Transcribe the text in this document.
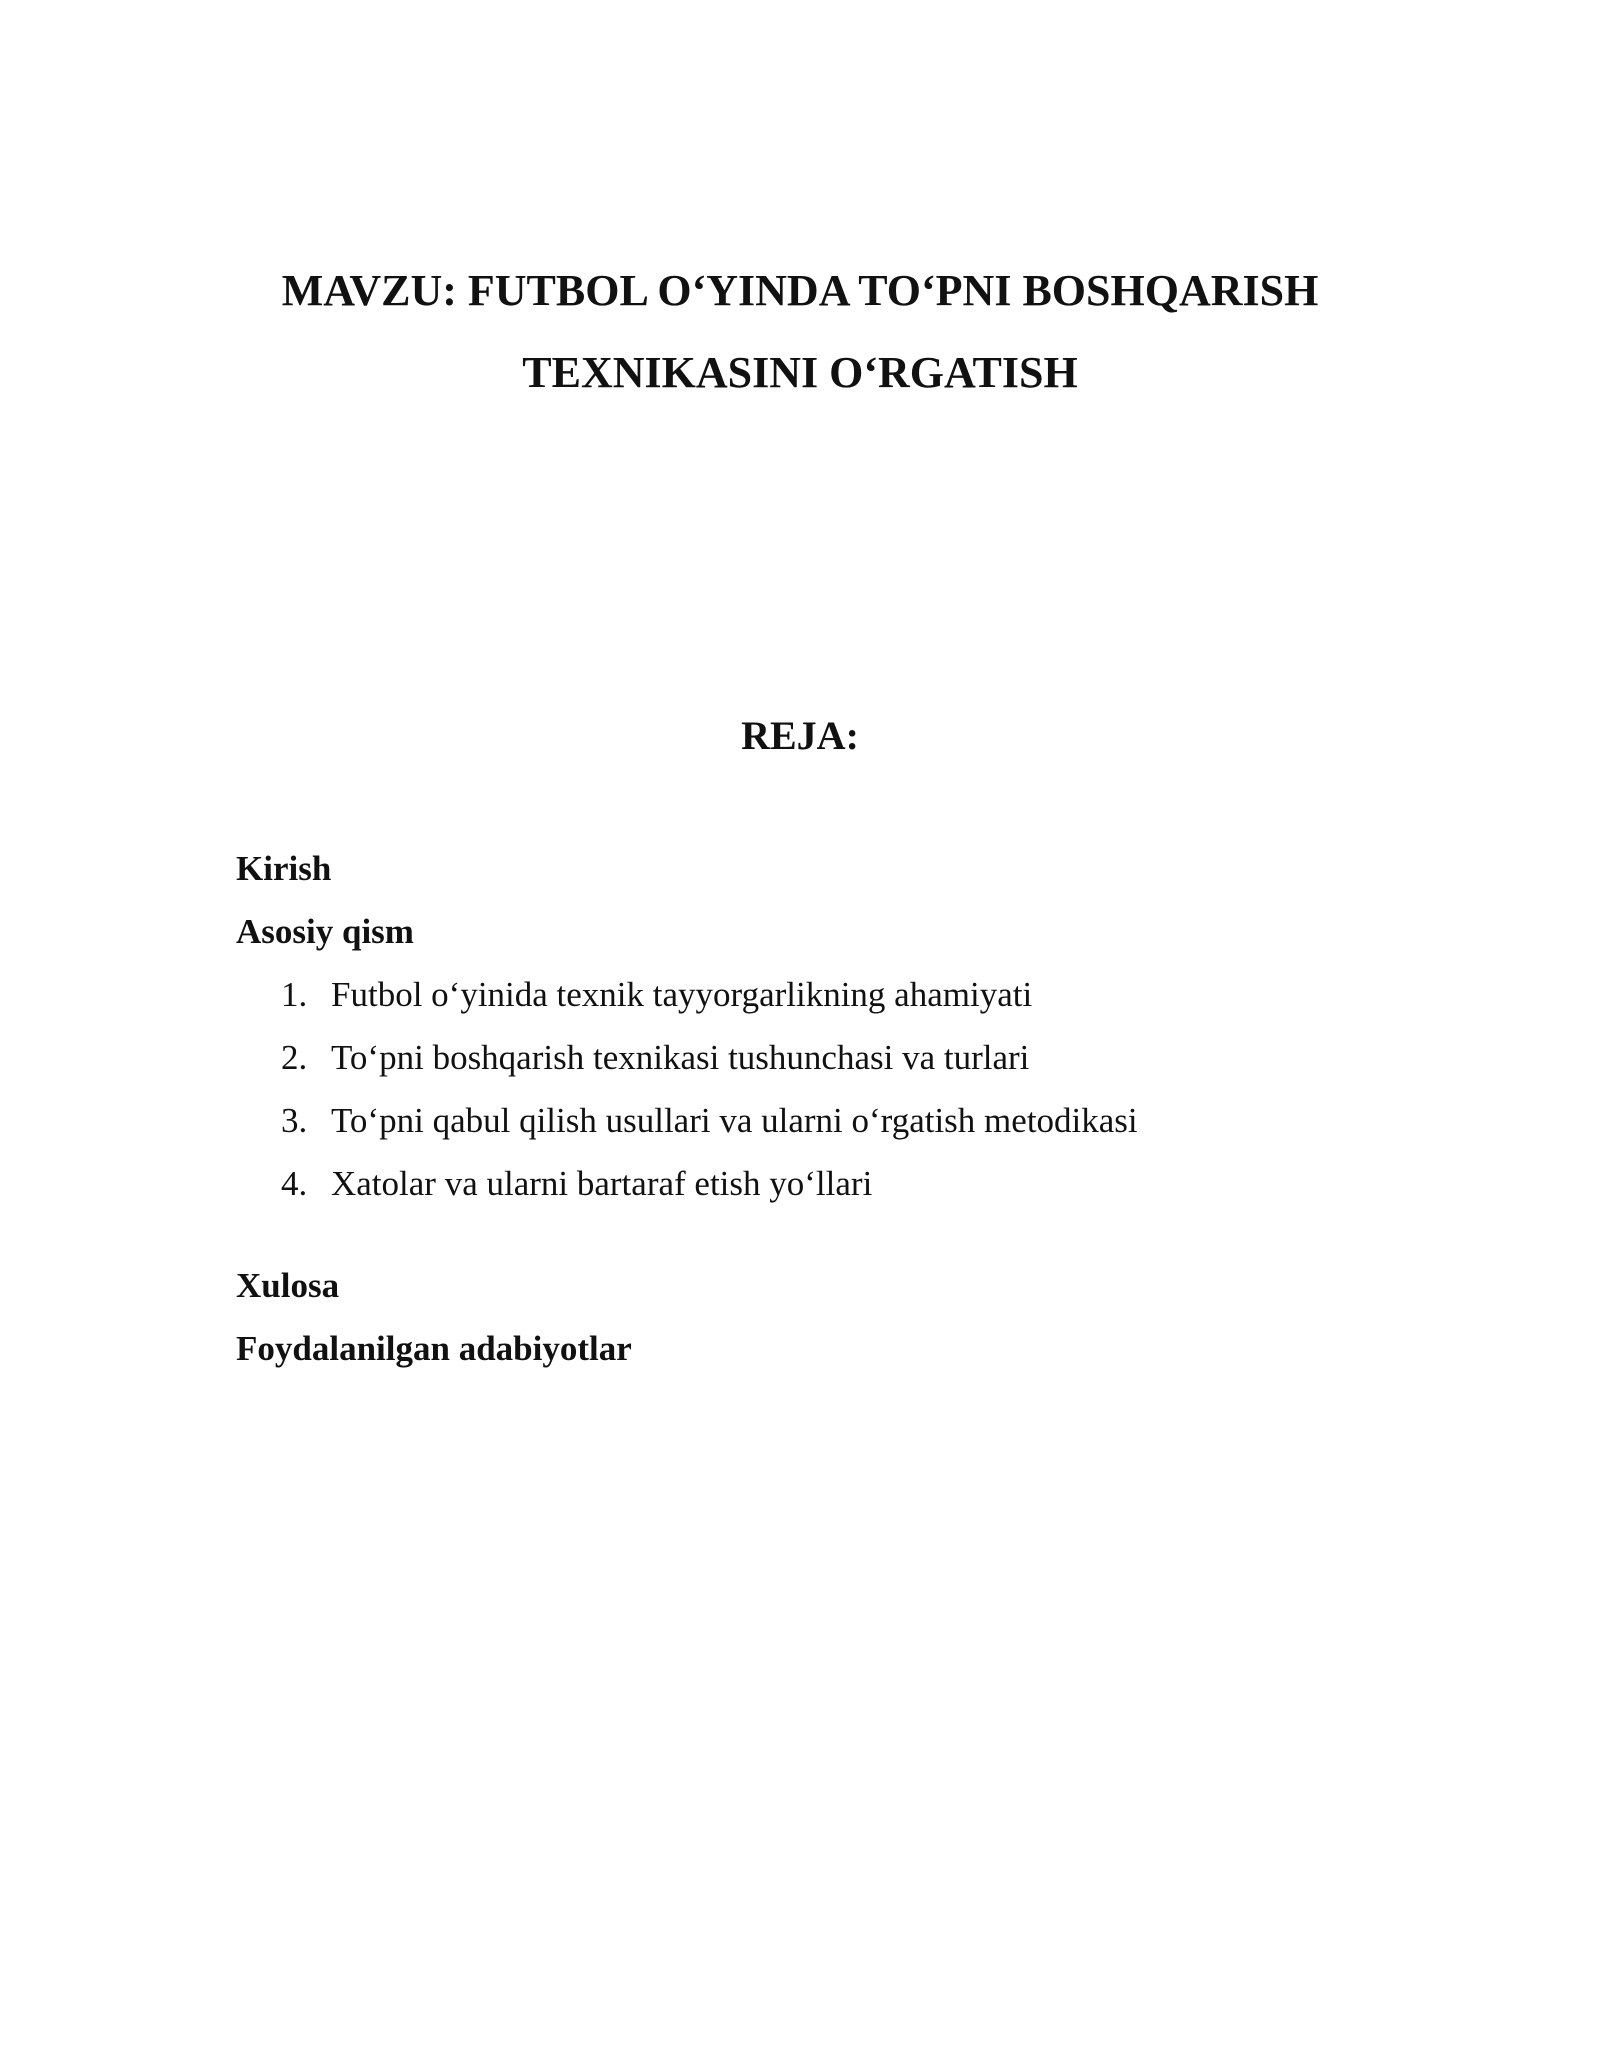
MAVZU: FUTBOL O‘YINDA TO‘PNI BOSHQARISH
TEXNIKASINI O‘RGATISH
REJA:

Kirish

Asosiy qism

1. Futbol o‘yinida texnik tayyorgarlikning ahamiyati
2. To‘pni boshqarish texnikasi tushunchasi va turlari
3. To‘pni qabul qilish usullari va ularni o‘rgatish metodikasi
4. Xatolar va ularni bartaraf etish yo‘llari

Xulosa

Foydalanilgan adabiyotlar
